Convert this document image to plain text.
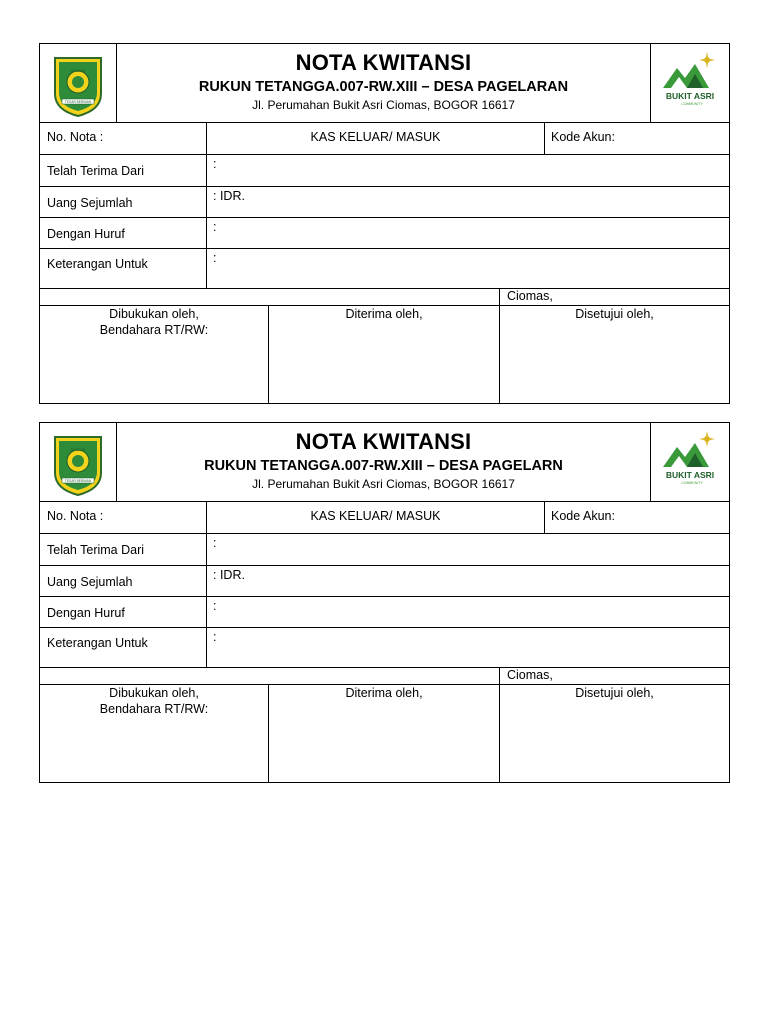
BOGOR
TEGAR BERIMAN
NOTA KWITANSI
RUKUN TETANGGA.007-RW.XIII – DESA PAGELARAN
Jl. Perumahan Bukit Asri Ciomas, BOGOR 16617
BUKIT ASRI
COMMUNITY
No. Nota :	KAS KELUAR/ MASUK	Kode Akun:
Telah Terima Dari	:
Uang Sejumlah	: IDR.
Dengan Huruf	:
Keterangan Untuk	:
Ciomas,
Dibukukan oleh,
Bendahara RT/RW:
Diterima oleh,	Disetujui oleh,
BOGOR
TEGAR BERIMAN
NOTA KWITANSI
RUKUN TETANGGA.007-RW.XIII – DESA PAGELARN
Jl. Perumahan Bukit Asri Ciomas, BOGOR 16617
BUKIT ASRI
COMMUNITY
No. Nota :	KAS KELUAR/ MASUK	Kode Akun:
Telah Terima Dari	:
Uang Sejumlah	: IDR.
Dengan Huruf	:
Keterangan Untuk	:
Ciomas,
Dibukukan oleh,
Bendahara RT/RW:
Diterima oleh,	Disetujui oleh,
